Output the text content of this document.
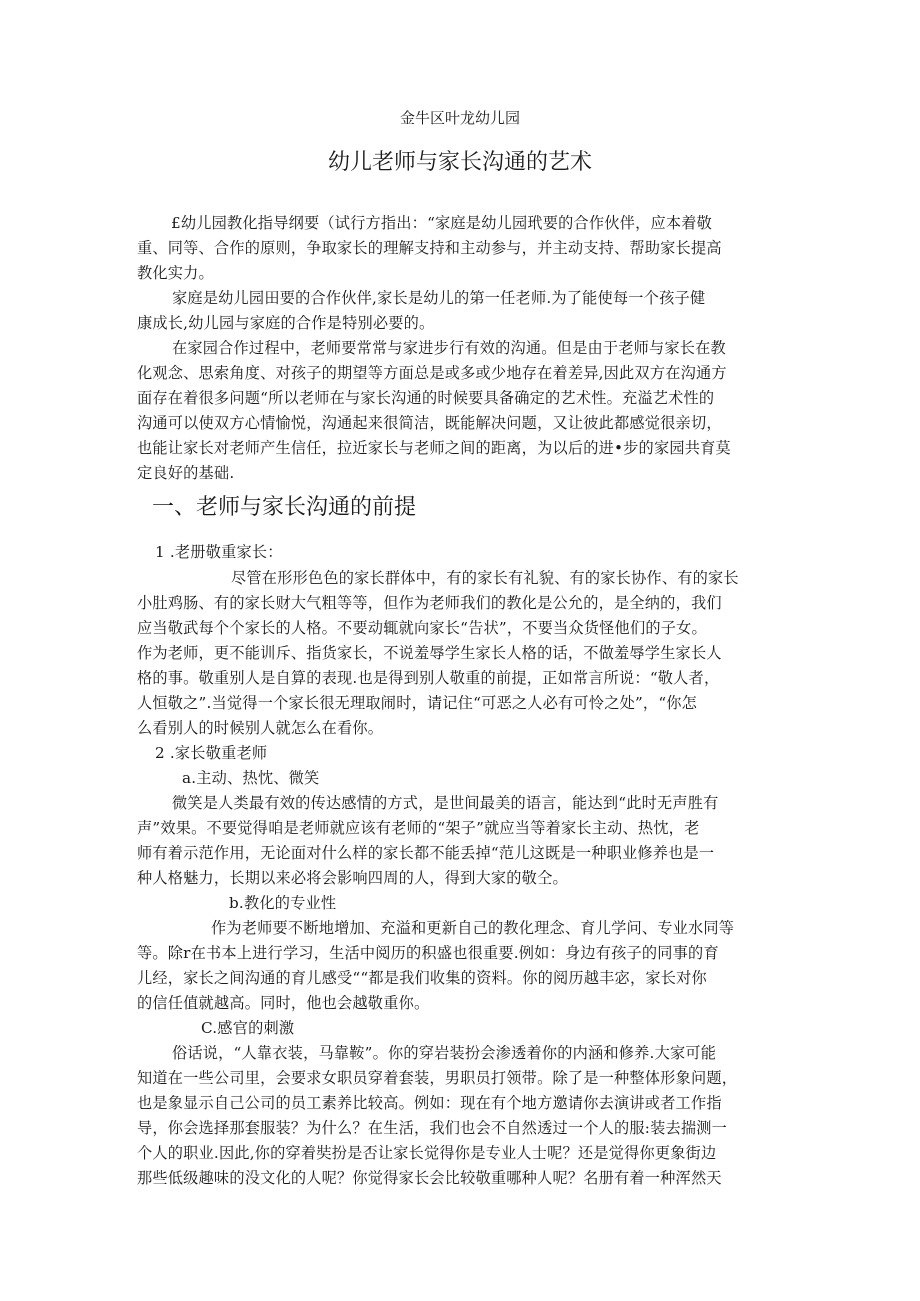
金牛区叶龙幼儿园
幼儿老师与家长沟通的艺术
£幼儿园教化指导纲要（试行方指出：“家庭是幼儿园玳要的合作伙伴，应本着敬
重、同等、合作的原则，争取家长的理解支持和主动参与，并主动支持、帮助家长提高
教化实力。
家庭是幼儿园田要的合作伙伴,家长是幼儿的第一任老师.为了能使每一个孩子健
康成长,幼儿园与家庭的合作是特别必要的。
在家园合作过程中，老师要常常与家进步行有效的沟通。但是由于老师与家长在教
化观念、思索角度、对孩子的期望等方面总是或多或少地存在着差异,因此双方在沟通方
面存在着很多问题“所以老师在与家长沟通的时候要具备确定的艺术性。充溢艺术性的
沟通可以使双方心情愉悦，沟通起来很简洁，既能解决问题，又让彼此都感觉很亲切，
也能让家长对老师产生信任，拉近家长与老师之间的距离，为以后的进•步的家园共育莫
定良好的基础.
一、老师与家长沟通的前提
1 .老册敬重家长：
尽管在形形色色的家长群体中，有的家长有礼貌、有的家长协作、有的家长
小肚鸡肠、有的家长财大气粗等等，但作为老师我们的教化是公允的，是全纳的，我们
应当敬武每个个家长的人格。不要动辄就向家长“告状”，不要当众货怪他们的子女。
作为老师，更不能训斥、指货家长，不说羞辱学生家长人格的话，不做羞辱学生家长人
格的事。敬重别人是自算的表现.也是得到别人敬重的前提，正如常言所说：“敬人者，
人恒敬之”.当觉得一个家长很无理取闹时，请记住“可恶之人必有可怜之处”，“你怎
么看别人的时候别人就怎么在看你。
2 .家长敬重老师
a.主动、热忱、微笑
微笑是人类最有效的传达感情的方式，是世间最美的语言，能达到“此时无声胜有
声”效果。不要觉得咱是老师就应该有老师的“架子”就应当等着家长主动、热忱，老
师有着示范作用，无论面对什么样的家长都不能丢掉“范儿这既是一种职业修养也是一
种人格魅力，长期以来必将会影响四周的人，得到大家的敬仝。
b.教化的专业性
作为老师要不断地增加、充溢和更新自己的教化理念、育儿学问、专业水同等
等。除r在书本上进行学习，生活中阅历的积盛也很重要.例如：身边有孩子的同事的育
儿经，家长之间沟通的育儿感受““都是我们收集的资料。你的阅历越丰宓，家长对你
的信任值就越高。同时，他也会越敬重你。
C.感官的刺激
俗话说，“人靠衣装，马靠鞍”。你的穿岩装扮会渗透着你的内涵和修养.大家可能
知道在一些公司里，会要求女职员穿着套装，男职员打领带。除了是一种整体形象问题，
也是象显示自己公司的员工素养比较高。例如：现在有个地方邀请你去演讲或者工作指
导，你会选择那套服装？为什么？在生活，我们也会不自然透过一个人的服:装去揣测一
个人的职业.因此,你的穿着奘扮是否让家长觉得你是专业人士呢？还是觉得你更象街边
那些低级趣味的没文化的人呢？你觉得家长会比较敬重哪种人呢？名册有着一种浑然天
